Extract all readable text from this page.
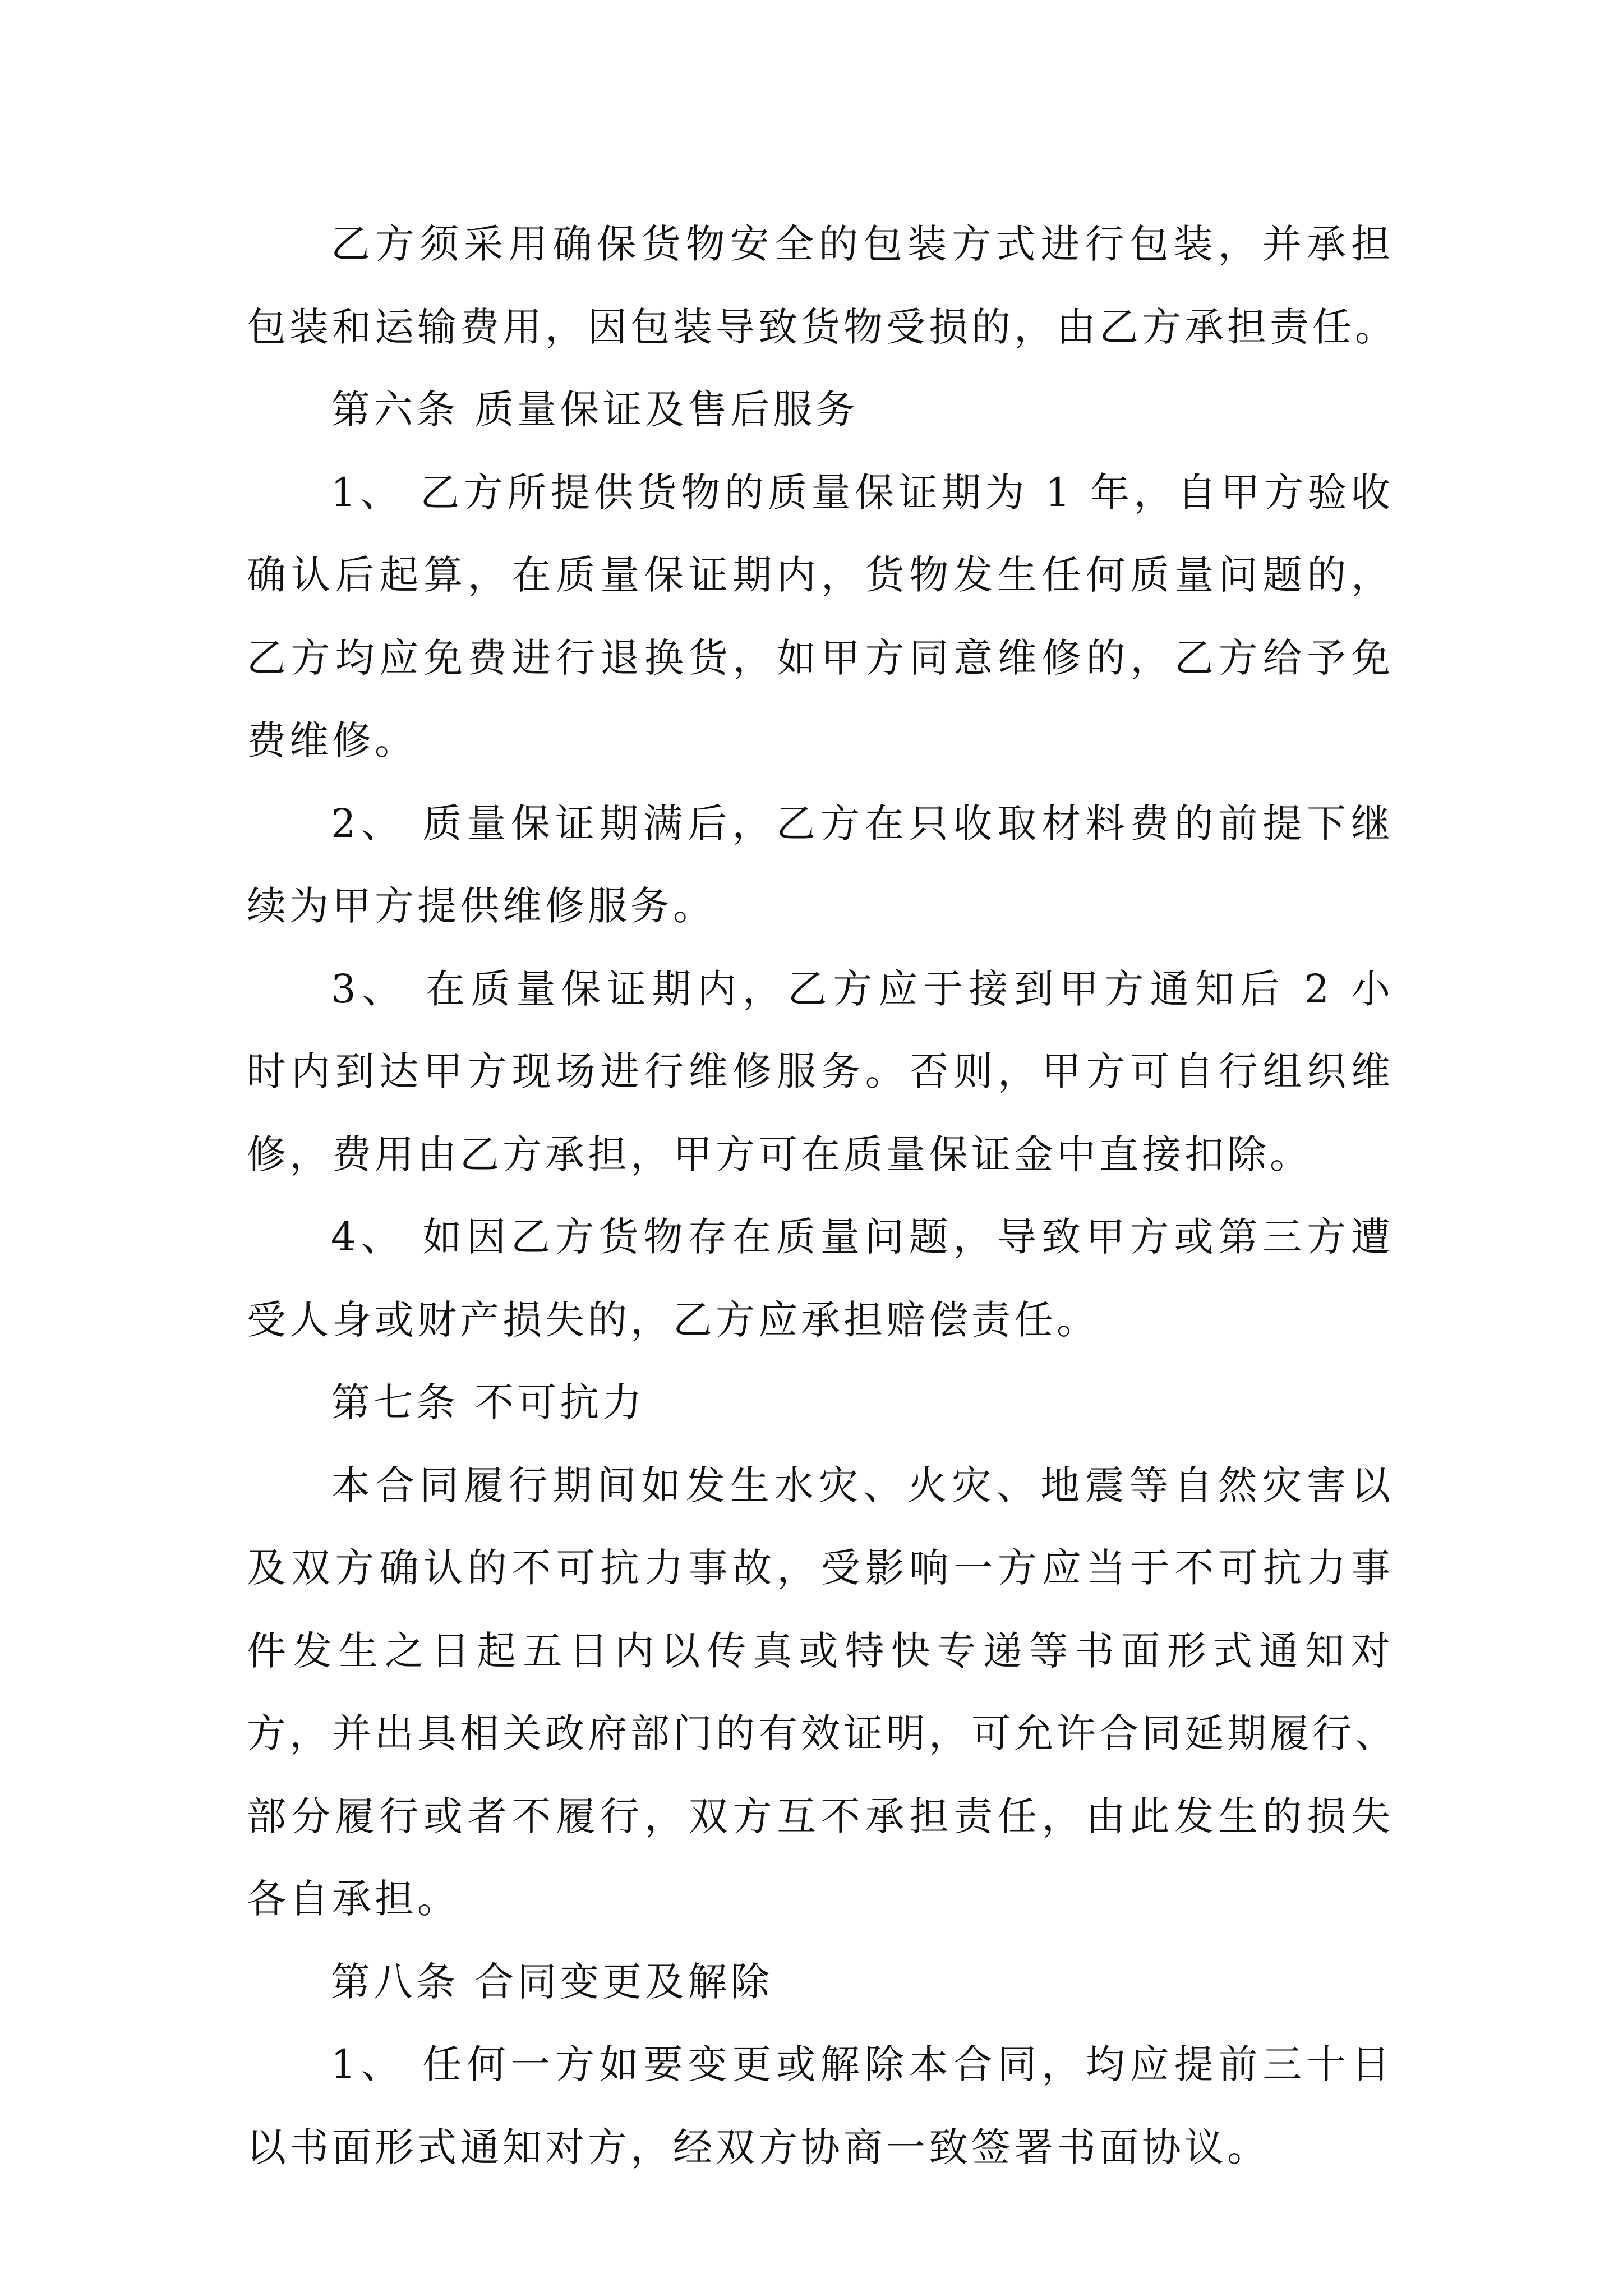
乙方须采用确保货物安全的包装方式进行包装，并承担
包装和运输费用，因包装导致货物受损的，由乙方承担责任。
第六条 质量保证及售后服务
1、 乙方所提供货物的质量保证期为 1 年，自甲方验收
确认后起算，在质量保证期内，货物发生任何质量问题的，
乙方均应免费进行退换货，如甲方同意维修的，乙方给予免
费维修。
2、 质量保证期满后，乙方在只收取材料费的前提下继
续为甲方提供维修服务。
3、 在质量保证期内，乙方应于接到甲方通知后 2 小
时内到达甲方现场进行维修服务。否则，甲方可自行组织维
修，费用由乙方承担，甲方可在质量保证金中直接扣除。
4、 如因乙方货物存在质量问题，导致甲方或第三方遭
受人身或财产损失的，乙方应承担赔偿责任。
第七条 不可抗力
本合同履行期间如发生水灾、火灾、地震等自然灾害以
及双方确认的不可抗力事故，受影响一方应当于不可抗力事
件发生之日起五日内以传真或特快专递等书面形式通知对
方，并出具相关政府部门的有效证明，可允许合同延期履行、
部分履行或者不履行，双方互不承担责任，由此发生的损失
各自承担。
第八条 合同变更及解除
1、 任何一方如要变更或解除本合同，均应提前三十日
以书面形式通知对方，经双方协商一致签署书面协议。
